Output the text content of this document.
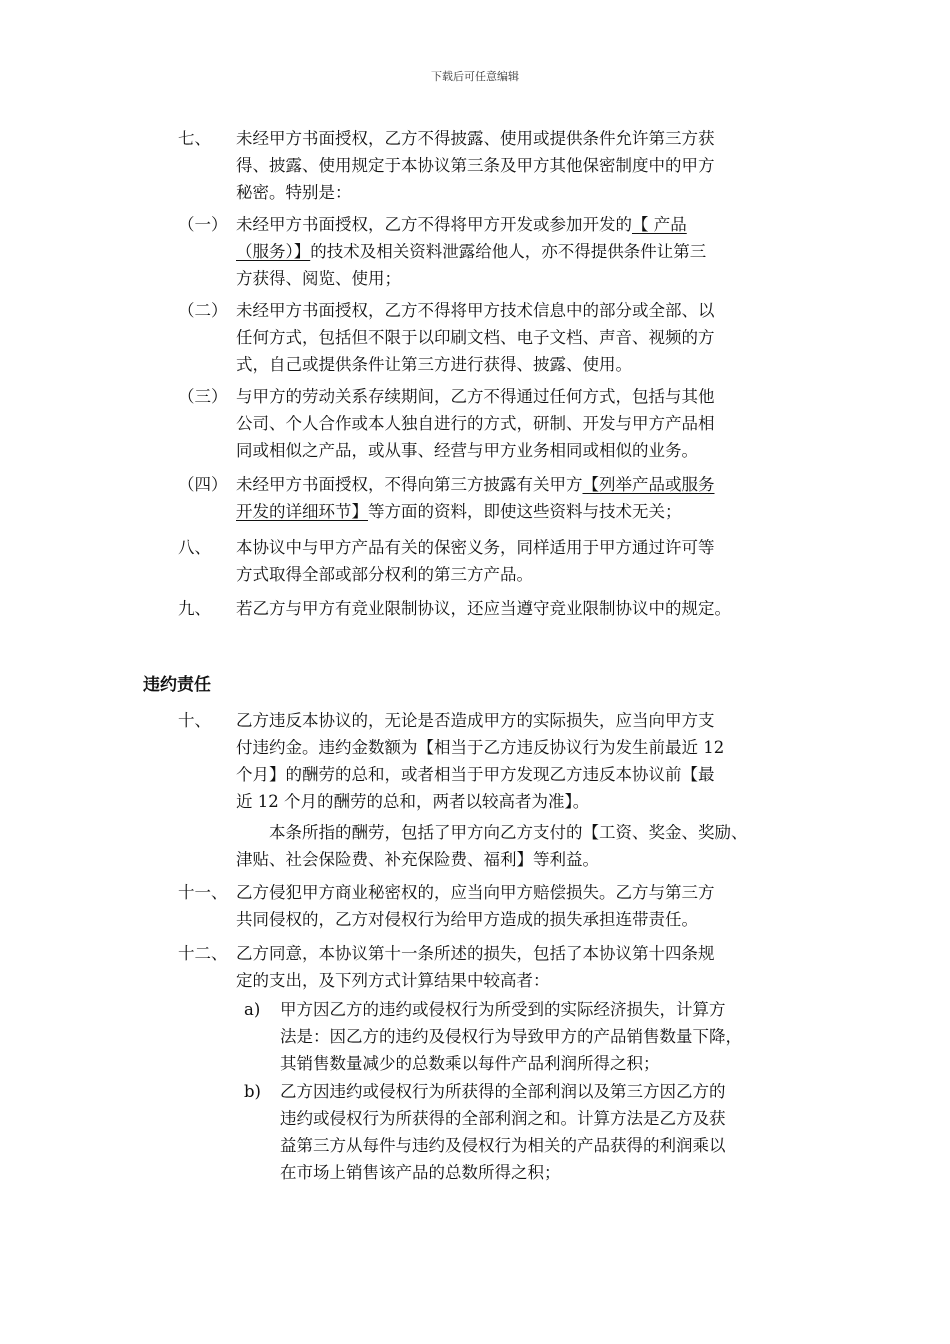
下载后可任意编辑
七、 未经甲方书面授权，乙方不得披露、使用或提供条件允许第三方获
得、披露、使用规定于本协议第三条及甲方其他保密制度中的甲方
秘密。特别是：
（一） 未经甲方书面授权，乙方不得将甲方开发或参加开发的【 产品
（服务）】的技术及相关资料泄露给他人，亦不得提供条件让第三
方获得、阅览、使用；
（二） 未经甲方书面授权，乙方不得将甲方技术信息中的部分或全部、以
任何方式，包括但不限于以印刷文档、电子文档、声音、视频的方
式，自己或提供条件让第三方进行获得、披露、使用。
（三） 与甲方的劳动关系存续期间，乙方不得通过任何方式，包括与其他
公司、个人合作或本人独自进行的方式，研制、开发与甲方产品相
同或相似之产品，或从事、经营与甲方业务相同或相似的业务。
（四） 未经甲方书面授权，不得向第三方披露有关甲方【列举产品或服务
开发的详细环节】等方面的资料，即使这些资料与技术无关；
八、 本协议中与甲方产品有关的保密义务，同样适用于甲方通过许可等
方式取得全部或部分权利的第三方产品。
九、 若乙方与甲方有竞业限制协议，还应当遵守竞业限制协议中的规定。
违约责任
十、 乙方违反本协议的，无论是否造成甲方的实际损失，应当向甲方支
付违约金。违约金数额为【相当于乙方违反协议行为发生前最近 12
个月】的酬劳的总和，或者相当于甲方发现乙方违反本协议前【最
近 12 个月的酬劳的总和，两者以较高者为准】。
本条所指的酬劳，包括了甲方向乙方支付的【工资、奖金、奖励、
津贴、社会保险费、补充保险费、福利】等利益。
十一、 乙方侵犯甲方商业秘密权的，应当向甲方赔偿损失。乙方与第三方
共同侵权的，乙方对侵权行为给甲方造成的损失承担连带责任。
十二、 乙方同意，本协议第十一条所述的损失，包括了本协议第十四条规
定的支出，及下列方式计算结果中较高者：
a) 甲方因乙方的违约或侵权行为所受到的实际经济损失，计算方
法是：因乙方的违约及侵权行为导致甲方的产品销售数量下降，
其销售数量减少的总数乘以每件产品利润所得之积；
b) 乙方因违约或侵权行为所获得的全部利润以及第三方因乙方的
违约或侵权行为所获得的全部利润之和。计算方法是乙方及获
益第三方从每件与违约及侵权行为相关的产品获得的利润乘以
在市场上销售该产品的总数所得之积；
